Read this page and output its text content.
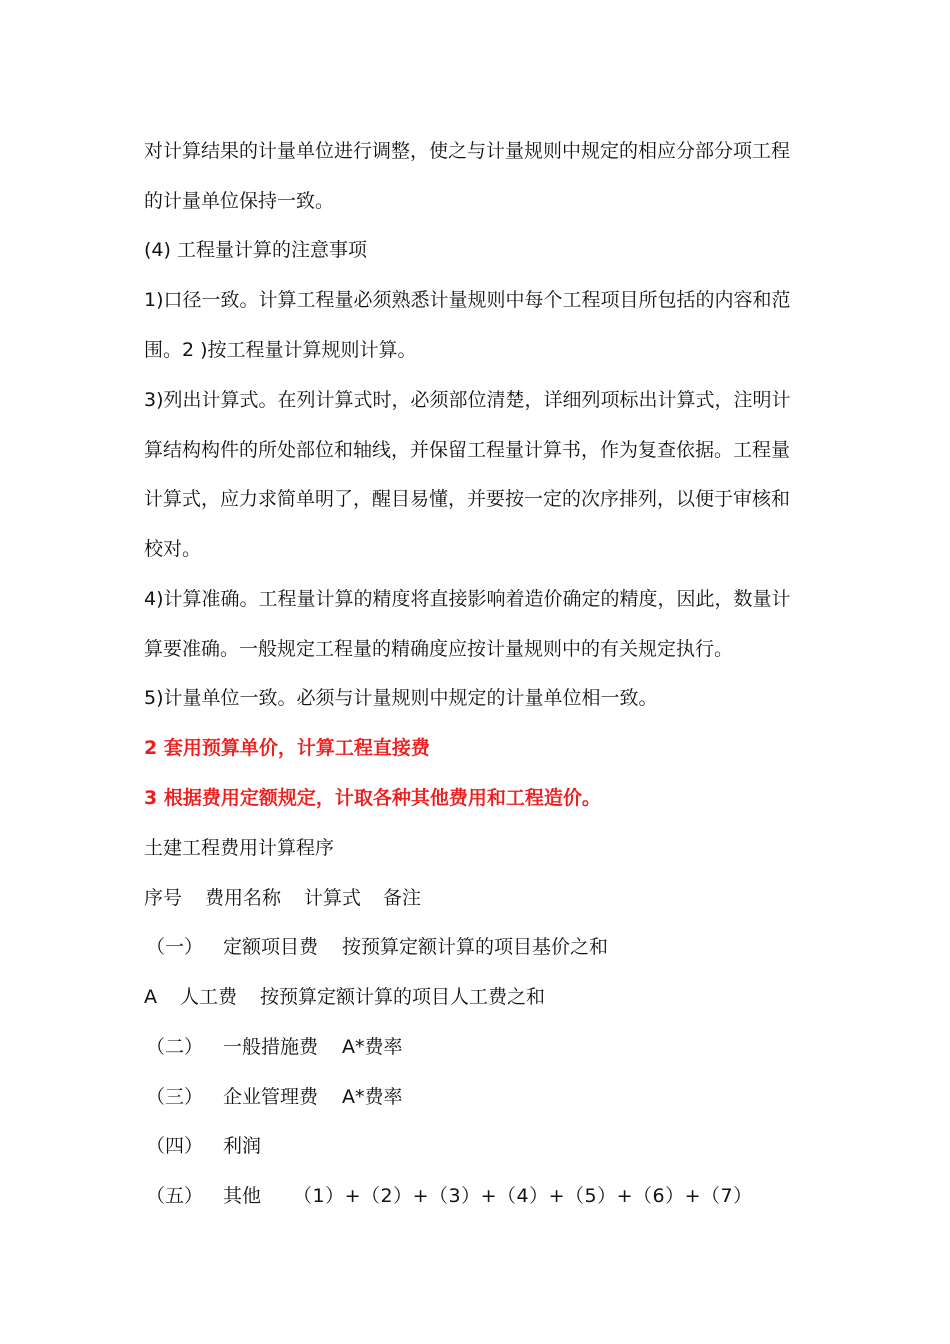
对计算结果的计量单位进行调整，使之与计量规则中规定的相应分部分项工程

的计量单位保持一致。

(4) 工程量计算的注意事项

1)口径一致。计算工程量必须熟悉计量规则中每个工程项目所包括的内容和范

围。2 )按工程量计算规则计算。

3)列出计算式。在列计算式时，必须部位清楚，详细列项标出计算式，注明计

算结构构件的所处部位和轴线，并保留工程量计算书，作为复查依据。工程量

计算式，应力求简单明了，醒目易懂，并要按一定的次序排列，以便于审核和

校对。

4)计算准确。工程量计算的精度将直接影响着造价确定的精度，因此，数量计

算要准确。一般规定工程量的精确度应按计量规则中的有关规定执行。

5)计量单位一致。必须与计量规则中规定的计量单位相一致。

2 套用预算单价，计算工程直接费

3 根据费用定额规定，计取各种其他费用和工程造价。

土建工程费用计算程序

序号 费用名称 计算式 备注
（一） 定额项目费 按预算定额计算的项目基价之和
A 人工费 按预算定额计算的项目人工费之和
（二） 一般措施费 A*费率
（三） 企业管理费 A*费率
（四） 利润
（五） 其他 （1）+（2）+（3）+（4）+（5）+（6）+（7）
